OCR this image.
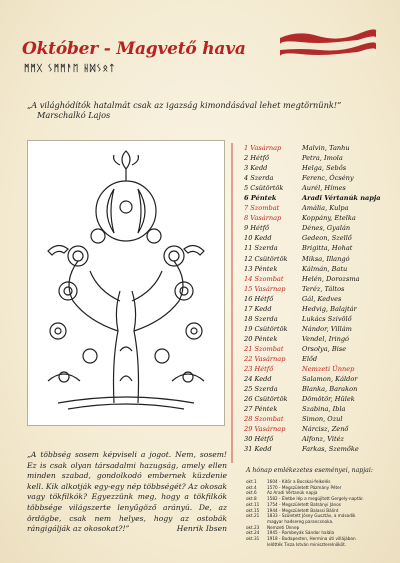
Október - Magvető hava
ᛗᛗᚷ ᛊᛗᛗᚨᛖ ᚺᛞᛊᛟᛏ
„A világhódítók hatalmát csak az igazság kimondásával lehet megtörnünk!”
Marschalkó Lajos
„A többség sosem képviseli a jogot. Nem, sosem! Ez is csak olyan társadalmi hazugság, amely ellen minden szabad, gondolkodó embernek küzdenie kell. Kik alkotják egy-egy nép többségét? Az okosak vagy tökfilkók? Egyezzünk meg, hogy a tökfilkók többsége világszerte lenyűgöző arányú. De, az ördögbe, csak nem helyes, hogy az ostobák rángigálják az okosokat?!”	Henrik Ibsen
1 Vasárnap	Malvin, Tanhu
2 Hétfő	Petra, Imola
3 Kedd	Helga, Sebős
4 Szerda	Ferenc, Ócsény
5 Csütörtök	Aurél, Hímes
6 Péntek	Aradi Vértanúk napja
7 Szombat	Amália, Kulpa
8 Vasárnap	Koppány, Etelka
9 Hétfő	Dénes, Gyalán
10 Kedd	Gedeon, Szellő
11 Szerda	Brigitta, Hohat
12 Csütörtök Miksa, Illangó
13 Péntek	Kálmán, Batu
14 Szombat	Helén, Dorozsma
15 Vasárnap	Teréz, Táltos
16 Hétfő	Gál, Kedves
17 Kedd	Hedvig, Balajtár
18 Szerda	Lukács Szivölő
19 Csütörtök Nándor, Villám
20 Péntek	Vendel, Iringó
21 Szombat	Orsolya, Bise
22 Vasárnap	Előd
23 Hétfő	Nemzeti Ünnep
24 Kedd	Salamon, Káldor
25 Szerda	Blanka, Barakon
26 Csütörtök Dömötör, Hülek
27 Péntek	Szabina, Ibla
28 Szombat	Simon, Ozul
29 Vasárnap	Nárcisz, Zenő
30 Hétfő	Alfonz, Vitéz
31 Kedd	Farkas, Szemőke
A hónap emlékezetes eseményei, napjai:
okt.1	1604 - Kitör a Bocskai-felkelés
okt.4	1570 - Megszületett Pázmány Péter
okt.6	Az Aradi Vértanúk napja
okt.8	1582 - Életbe lép a megújított Gergely-naptár.
okt.11	1754 - Megszületett Batsányi János
okt.15	1944 - Megszületett Balassi Bálint
okt.21	1833 - Született Jósey Gusztáv, a második
magyar hadsereg parancsnoka.
okt.23	Nemzeti Ünnep
okt.24	1945 - Rombeyák Sándor halála
okt.31	1918 - Budapesten, Hermina úti villájában
lelőtték Tisza István miniszterelnököt.
